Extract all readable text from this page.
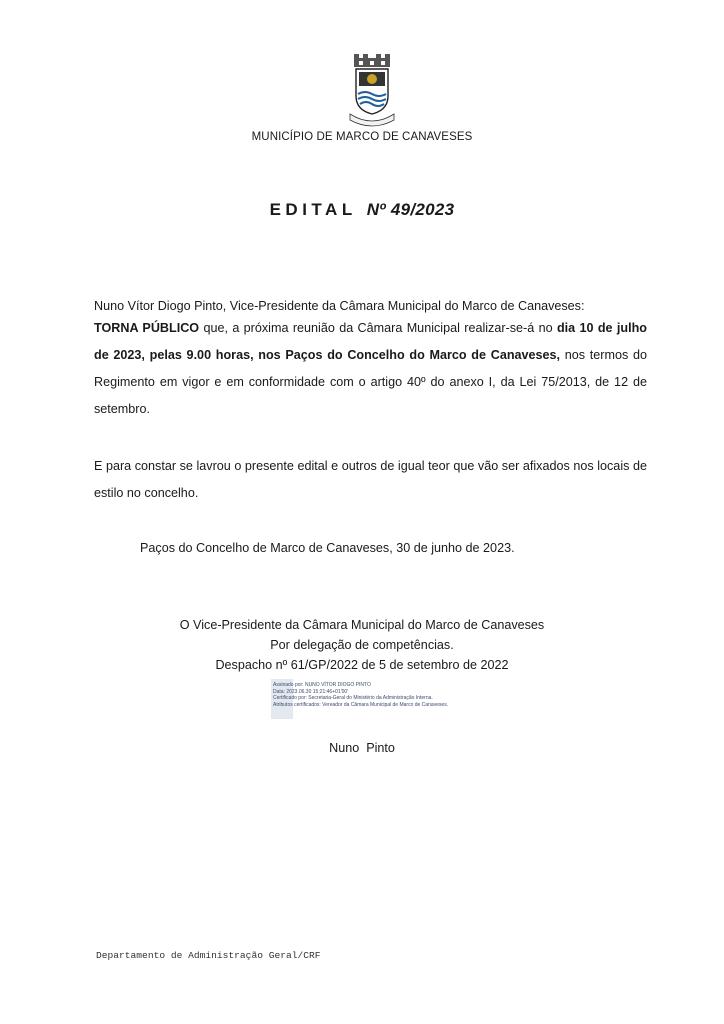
MUNICÍPIO DE MARCO DE CANAVESES
EDITAL Nº 49/2023
Nuno Vítor Diogo Pinto, Vice-Presidente da Câmara Municipal do Marco de Canaveses:
TORNA PÚBLICO que, a próxima reunião da Câmara Municipal realizar-se-á no dia 10 de julho de 2023, pelas 9.00 horas, nos Paços do Concelho do Marco de Canaveses, nos termos do Regimento em vigor e em conformidade com o artigo 40º do anexo I, da Lei 75/2013, de 12 de setembro.
E para constar se lavrou o presente edital e outros de igual teor que vão ser afixados nos locais de estilo no concelho.
Paços do Concelho de Marco de Canaveses, 30 de junho de 2023.
O Vice-Presidente da Câmara Municipal do Marco de Canaveses
Por delegação de competências.
Despacho nº 61/GP/2022 de 5 de setembro de 2022
Assinado por: NUNO VÍTOR DIOGO PINTO
Data: 2023.06.30 15:21:46+01'00'
Certificado por: Secretaria-Geral do Ministério da Administração Interna.
Atributos certificados: Vereador da Câmara Municipal de Marco de Canaveses.
Nuno  Pinto
Departamento de Administração Geral/CRF
